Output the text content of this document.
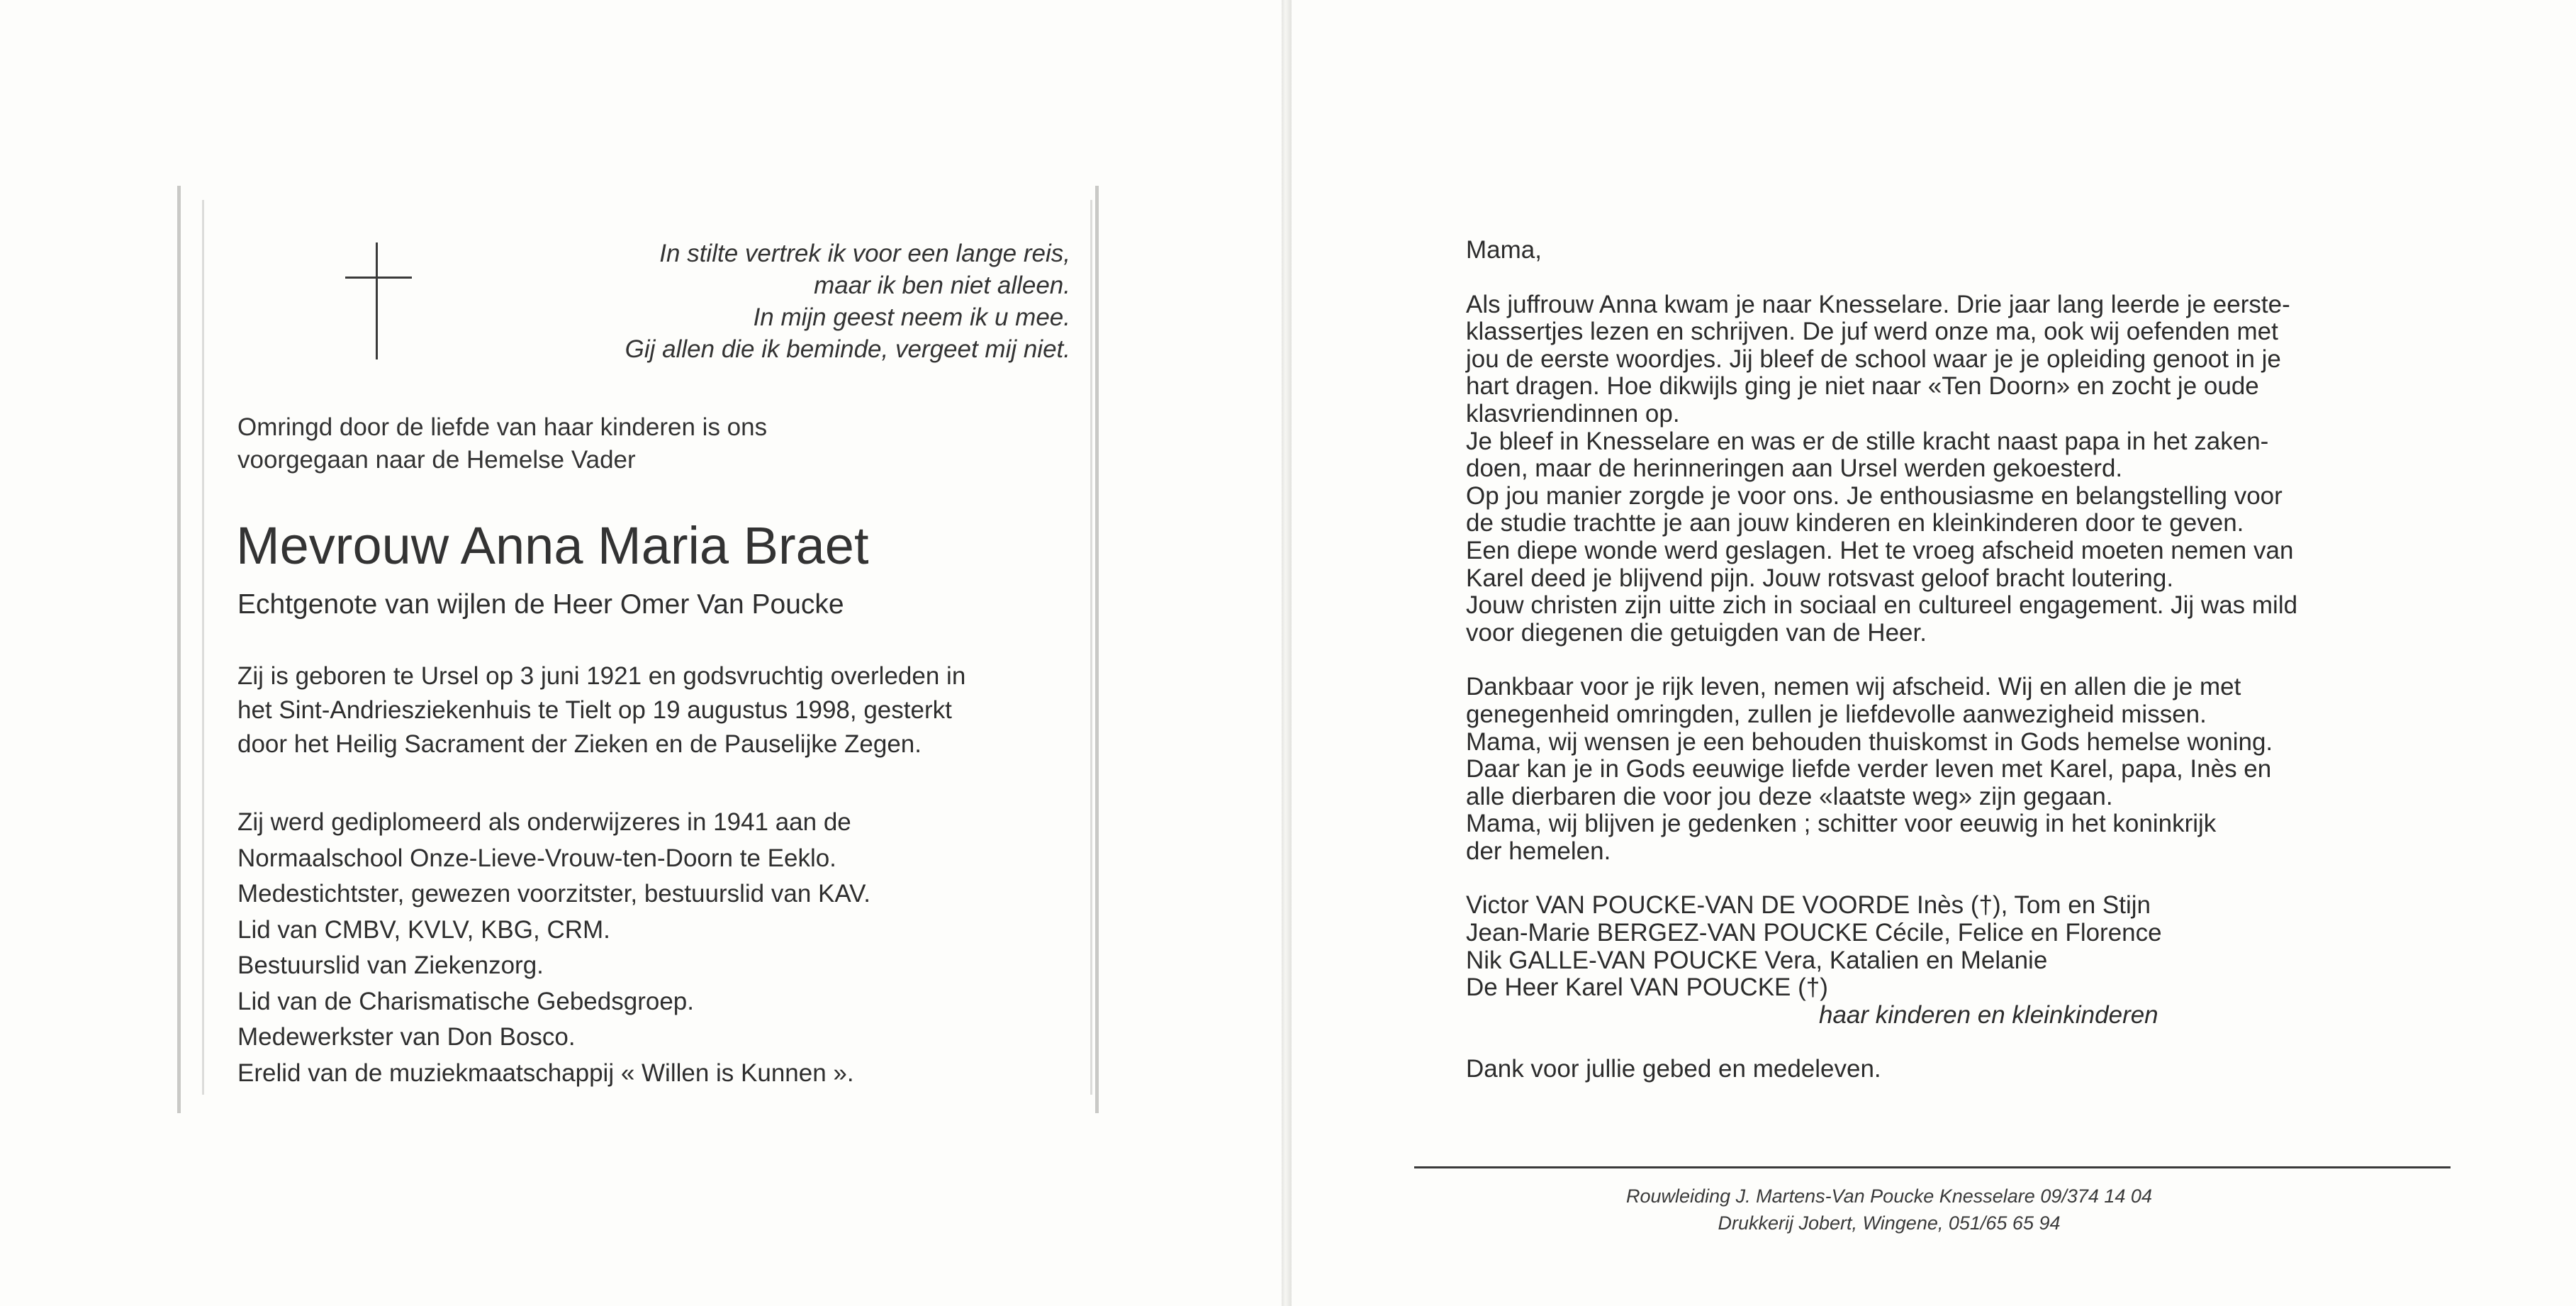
In stilte vertrek ik voor een lange reis,
maar ik ben niet alleen.
In mijn geest neem ik u mee.
Gij allen die ik beminde, vergeet mij niet.
Omringd door de liefde van haar kinderen is ons
voorgegaan naar de Hemelse Vader
Mevrouw Anna Maria Braet
Echtgenote van wijlen de Heer Omer Van Poucke
Zij is geboren te Ursel op 3 juni 1921 en godsvruchtig overleden in
het Sint-Andriesziekenhuis te Tielt op 19 augustus 1998, gesterkt
door het Heilig Sacrament der Zieken en de Pauselijke Zegen.
Zij werd gediplomeerd als onderwijzeres in 1941 aan de
Normaalschool Onze-Lieve-Vrouw-ten-Doorn te Eeklo.
Medestichtster, gewezen voorzitster, bestuurslid van KAV.
Lid van CMBV, KVLV, KBG, CRM.
Bestuurslid van Ziekenzorg.
Lid van de Charismatische Gebedsgroep.
Medewerkster van Don Bosco.
Erelid van de muziekmaatschappij « Willen is Kunnen ».
Mama,
Als juffrouw Anna kwam je naar Knesselare. Drie jaar lang leerde je eerste-
klassertjes lezen en schrijven. De juf werd onze ma, ook wij oefenden met
jou de eerste woordjes. Jij bleef de school waar je je opleiding genoot in je
hart dragen. Hoe dikwijls ging je niet naar «Ten Doorn» en zocht je oude
klasvriendinnen op.
Je bleef in Knesselare en was er de stille kracht naast papa in het zaken-
doen, maar de herinneringen aan Ursel werden gekoesterd.
Op jou manier zorgde je voor ons. Je enthousiasme en belangstelling voor
de studie trachtte je aan jouw kinderen en kleinkinderen door te geven.
Een diepe wonde werd geslagen. Het te vroeg afscheid moeten nemen van
Karel deed je blijvend pijn. Jouw rotsvast geloof bracht loutering.
Jouw christen zijn uitte zich in sociaal en cultureel engagement. Jij was mild
voor diegenen die getuigden van de Heer.
Dankbaar voor je rijk leven, nemen wij afscheid. Wij en allen die je met
genegenheid omringden, zullen je liefdevolle aanwezigheid missen.
Mama, wij wensen je een behouden thuiskomst in Gods hemelse woning.
Daar kan je in Gods eeuwige liefde verder leven met Karel, papa, Inès en
alle dierbaren die voor jou deze «laatste weg» zijn gegaan.
Mama, wij blijven je gedenken ; schitter voor eeuwig in het koninkrijk
der hemelen.
Victor VAN POUCKE-VAN DE VOORDE Inès (†), Tom en Stijn
Jean-Marie BERGEZ-VAN POUCKE Cécile, Felice en Florence
Nik GALLE-VAN POUCKE Vera, Katalien en Melanie
De Heer Karel VAN POUCKE (†)
haar kinderen en kleinkinderen
Dank voor jullie gebed en medeleven.
Rouwleiding J. Martens-Van Poucke Knesselare 09/374 14 04
Drukkerij Jobert, Wingene, 051/65 65 94
